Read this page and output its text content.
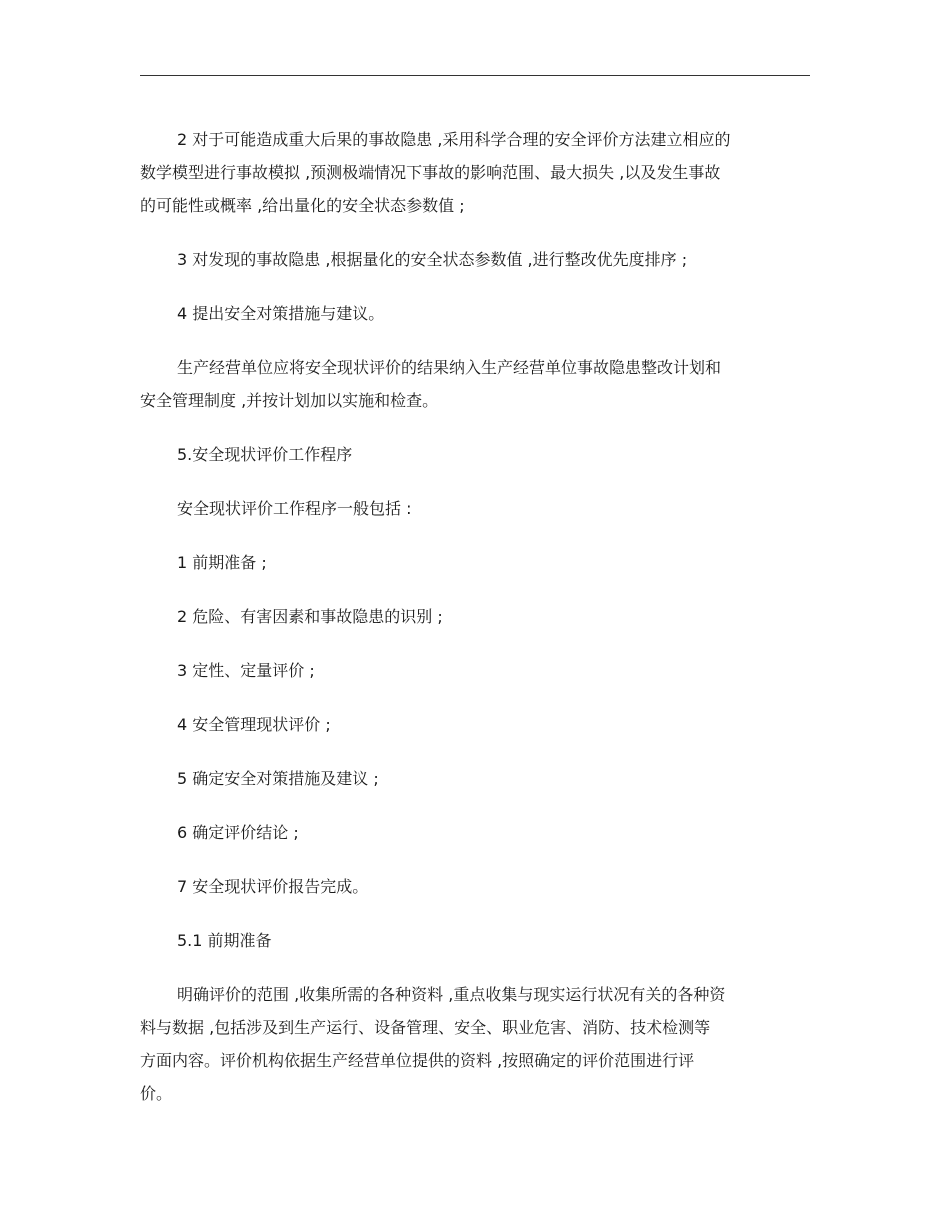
2 对于可能造成重大后果的事故隐患 ,采用科学合理的安全评价方法建立相应的
数学模型进行事故模拟 ,预测极端情况下事故的影响范围、最大损失 ,以及发生事故
的可能性或概率 ,给出量化的安全状态参数值 ;
3 对发现的事故隐患 ,根据量化的安全状态参数值 ,进行整改优先度排序 ;
4 提出安全对策措施与建议。
生产经营单位应将安全现状评价的结果纳入生产经营单位事故隐患整改计划和
安全管理制度 ,并按计划加以实施和检查。
5.安全现状评价工作程序
安全现状评价工作程序一般包括 :
1 前期准备 ;
2 危险、有害因素和事故隐患的识别 ;
3 定性、定量评价 ;
4 安全管理现状评价 ;
5 确定安全对策措施及建议 ;
6 确定评价结论 ;
7 安全现状评价报告完成。
5.1 前期准备
明确评价的范围 ,收集所需的各种资料 ,重点收集与现实运行状况有关的各种资
料与数据 ,包括涉及到生产运行、设备管理、安全、职业危害、消防、技术检测等
方面内容。评价机构依据生产经营单位提供的资料 ,按照确定的评价范围进行评
价。
